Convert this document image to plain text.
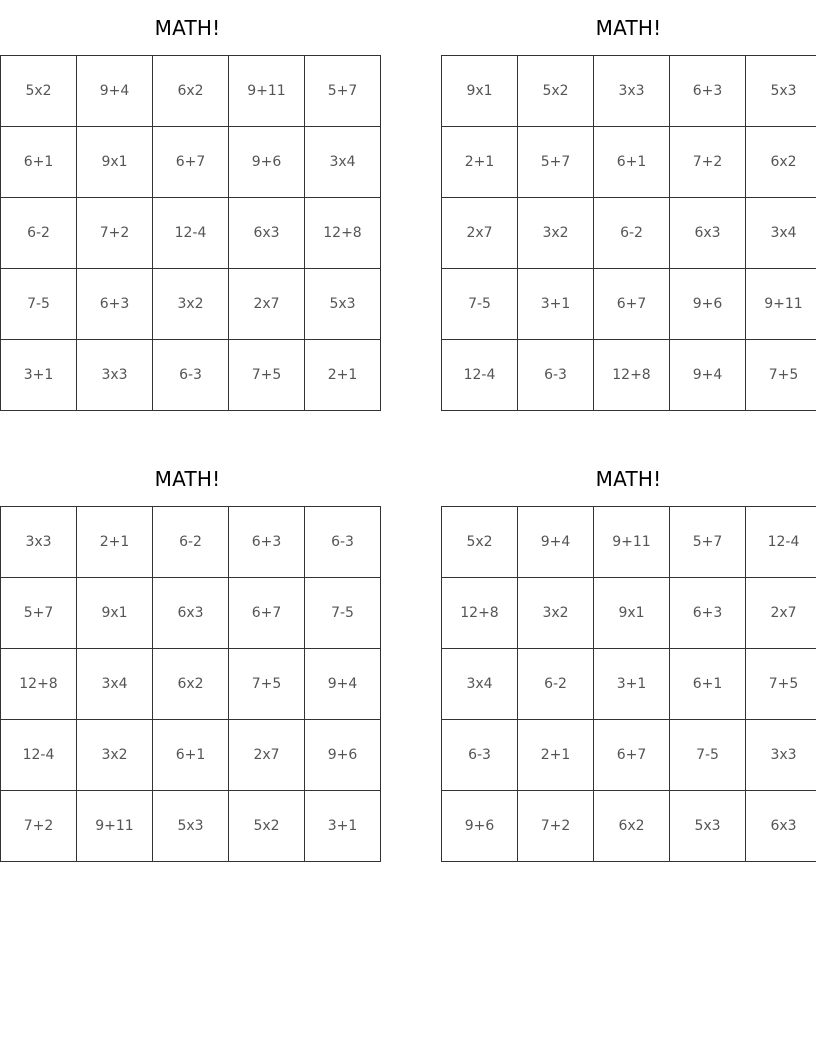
MATH!
5x2	9+4	6x2	9+11	5+7
6+1	9x1	6+7	9+6	3x4
6-2	7+2	12-4	6x3	12+8
7-5	6+3	3x2	2x7	5x3
3+1	3x3	6-3	7+5	2+1
MATH!
9x1	5x2	3x3	6+3	5x3
2+1	5+7	6+1	7+2	6x2
2x7	3x2	6-2	6x3	3x4
7-5	3+1	6+7	9+6	9+11
12-4	6-3	12+8	9+4	7+5
MATH!
3x3	2+1	6-2	6+3	6-3
5+7	9x1	6x3	6+7	7-5
12+8	3x4	6x2	7+5	9+4
12-4	3x2	6+1	2x7	9+6
7+2	9+11	5x3	5x2	3+1
MATH!
5x2	9+4	9+11	5+7	12-4
12+8	3x2	9x1	6+3	2x7
3x4	6-2	3+1	6+1	7+5
6-3	2+1	6+7	7-5	3x3
9+6	7+2	6x2	5x3	6x3
